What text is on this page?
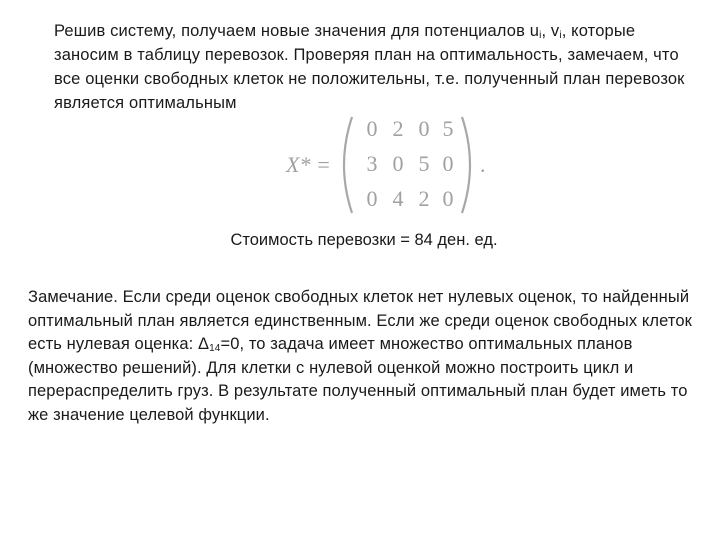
Решив систему, получаем новые значения для потенциалов $u_i$, $v_i$, которые заносим в таблицу перевозок. Проверяя план на оптимальность, замечаем, что все оценки свободных клеток не положительны, т.е. полученный план перевозок является оптимальным
X* =
0 2 0 5
3 0 5 0
0 4 2 0
.
Стоимость перевозки = 84 ден. ед.
Замечание. Если среди оценок свободных клеток нет нулевых оценок, то найденный оптимальный план является единственным. Если же среди оценок свободных клеток есть нулевая оценка: $\Delta_{14}=0$, то задача имеет множество оптимальных планов (множество решений). Для клетки с нулевой оценкой можно построить цикл и перераспределить груз. В результате полученный оптимальный план будет иметь то же значение целевой функции.
